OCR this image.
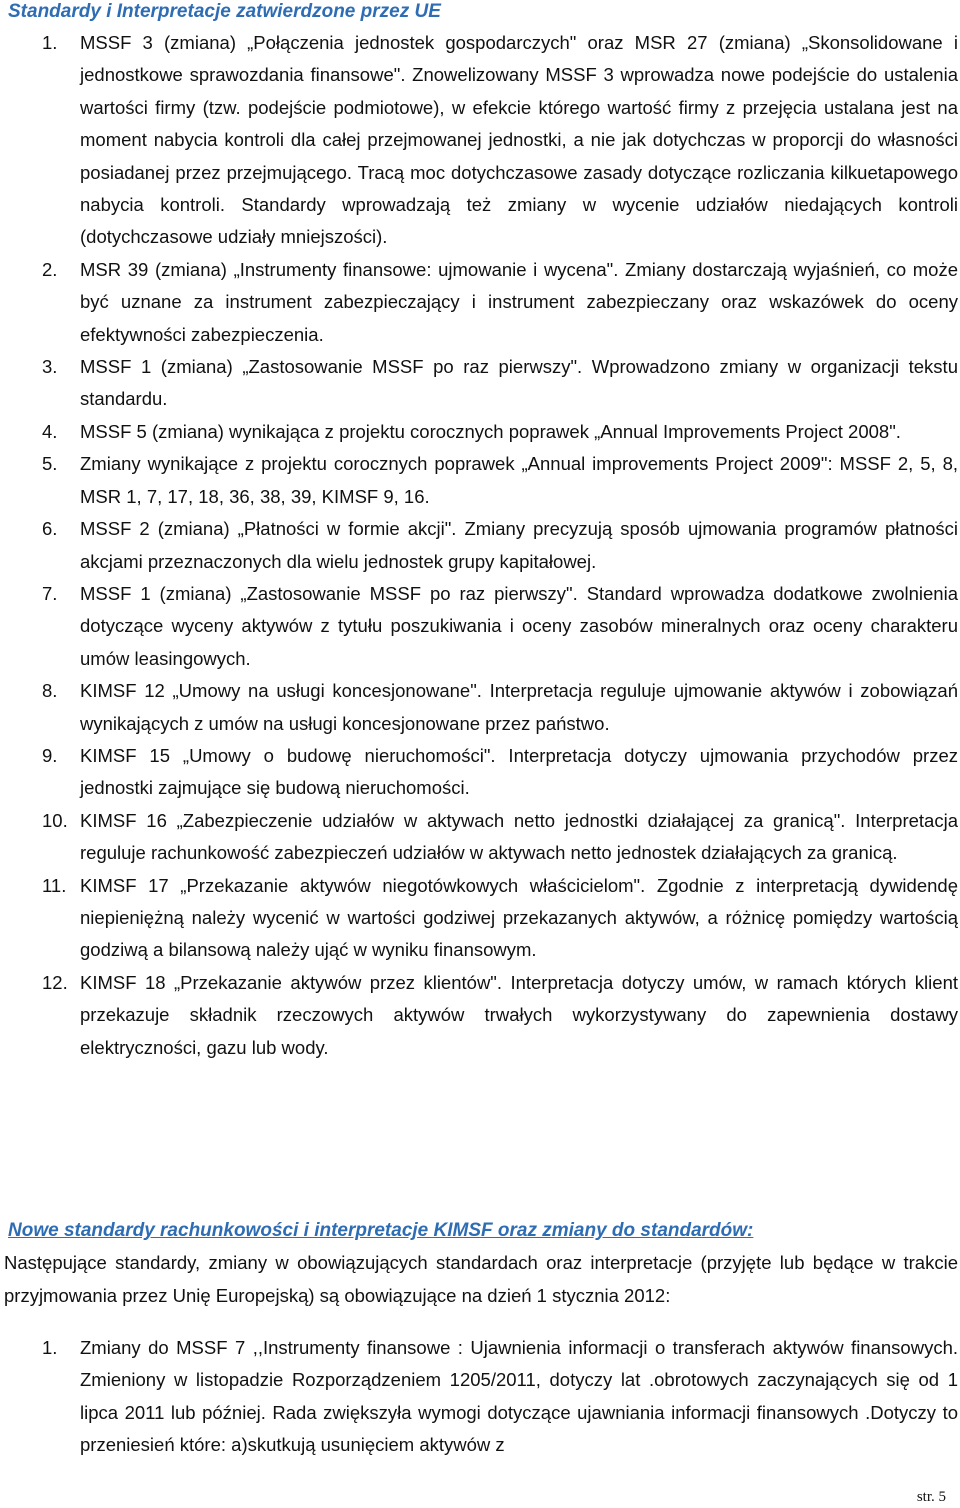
Standardy i Interpretacje zatwierdzone przez UE
1. MSSF 3 (zmiana) „Połączenia jednostek gospodarczych" oraz MSR 27 (zmiana) „Skonsolidowane i jednostkowe sprawozdania finansowe". Znowelizowany MSSF 3 wprowadza nowe podejście do ustalenia wartości firmy (tzw. podejście podmiotowe), w efekcie którego wartość firmy z przejęcia ustalana jest na moment nabycia kontroli dla całej przejmowanej jednostki, a nie jak dotychczas w proporcji do własności posiadanej przez przejmującego. Tracą moc dotychczasowe zasady dotyczące rozliczania kilkuetapowego nabycia kontroli. Standardy wprowadzają też zmiany w wycenie udziałów niedających kontroli (dotychczasowe udziały mniejszości).
2. MSR 39 (zmiana) „Instrumenty finansowe: ujmowanie i wycena". Zmiany dostarczają wyjaśnień, co może być uznane za instrument zabezpieczający i instrument zabezpieczany oraz wskazówek do oceny efektywności zabezpieczenia.
3. MSSF 1 (zmiana) „Zastosowanie MSSF po raz pierwszy". Wprowadzono zmiany w organizacji tekstu standardu.
4. MSSF 5 (zmiana) wynikająca z projektu corocznych poprawek „Annual Improvements Project 2008".
5. Zmiany wynikające z projektu corocznych poprawek „Annual improvements Project 2009": MSSF 2, 5, 8, MSR 1, 7, 17, 18, 36, 38, 39, KIMSF 9, 16.
6. MSSF 2 (zmiana) „Płatności w formie akcji". Zmiany precyzują sposób ujmowania programów płatności akcjami przeznaczonych dla wielu jednostek grupy kapitałowej.
7. MSSF 1 (zmiana) „Zastosowanie MSSF po raz pierwszy". Standard wprowadza dodatkowe zwolnienia dotyczące wyceny aktywów z tytułu poszukiwania i oceny zasobów mineralnych oraz oceny charakteru umów leasingowych.
8. KIMSF 12 „Umowy na usługi koncesjonowane". Interpretacja reguluje ujmowanie aktywów i zobowiązań wynikających z umów na usługi koncesjonowane przez państwo.
9. KIMSF 15 „Umowy o budowę nieruchomości". Interpretacja dotyczy ujmowania przychodów przez jednostki zajmujące się budową nieruchomości.
10. KIMSF 16 „Zabezpieczenie udziałów w aktywach netto jednostki działającej za granicą". Interpretacja reguluje rachunkowość zabezpieczeń udziałów w aktywach netto jednostek działających za granicą.
11. KIMSF 17 „Przekazanie aktywów niegotówkowych właścicielom". Zgodnie z interpretacją dywidendę niepieniężną należy wycenić w wartości godziwej przekazanych aktywów, a różnicę pomiędzy wartością godziwą a bilansową należy ująć w wyniku finansowym.
12. KIMSF 18 „Przekazanie aktywów przez klientów". Interpretacja dotyczy umów, w ramach których klient przekazuje składnik rzeczowych aktywów trwałych wykorzystywany do zapewnienia dostawy elektryczności, gazu lub wody.
Nowe standardy rachunkowości i interpretacje KIMSF oraz zmiany do standardów:

Następujące standardy, zmiany w obowiązujących standardach oraz interpretacje (przyjęte lub będące w trakcie przyjmowania przez Unię Europejską) są obowiązujące na dzień 1 stycznia 2012:

1. Zmiany do MSSF 7 ,,Instrumenty finansowe : Ujawnienia informacji o transferach aktywów finansowych. Zmieniony w listopadzie Rozporządzeniem 1205/2011, dotyczy lat .obrotowych zaczynających się od 1 lipca 2011 lub później. Rada zwiększyła wymogi dotyczące ujawniania informacji finansowych .Dotyczy to przeniesień które: a)skutkują usunięciem aktywów z
str. 5
